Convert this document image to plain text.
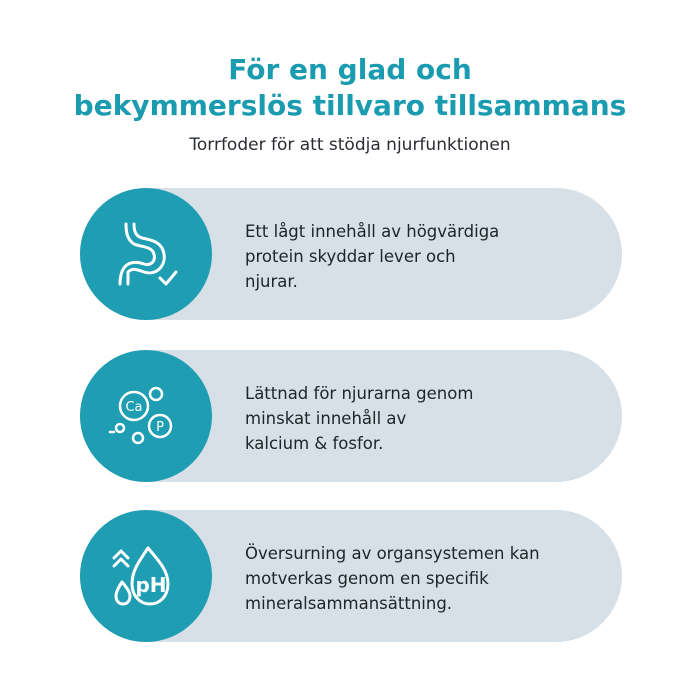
För en glad och
bekymmerslös tillvaro tillsammans

Torrfoder för att stödja njurfunktionen

Ett lågt innehåll av högvärdiga
protein skyddar lever och
njurar.
Ca
P
Lättnad för njurarna genom
minskat innehåll av
kalcium & fosfor.
pH
Översurning av organsystemen kan
motverkas genom en specifik
mineralsammansättning.
